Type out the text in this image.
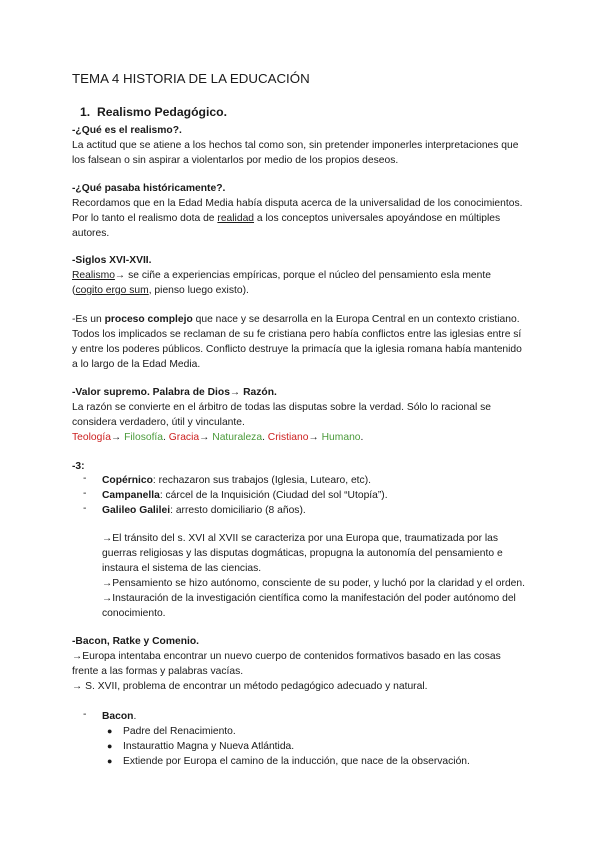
TEMA 4 HISTORIA DE LA EDUCACIÓN
1. Realismo Pedagógico.
-¿Qué es el realismo?.
La actitud que se atiene a los hechos tal como son, sin pretender imponerles interpretaciones que
los falsean o sin aspirar a violentarlos por medio de los propios deseos.
-¿Qué pasaba históricamente?.
Recordamos que en la Edad Media había disputa acerca de la universalidad de los conocimientos.
Por lo tanto el realismo dota de realidad a los conceptos universales apoyándose en múltiples
autores.
-Siglos XVI-XVII.
Realismo→ se ciñe a experiencias empíricas, porque el núcleo del pensamiento esla mente
(cogito ergo sum, pienso luego existo).
-Es un proceso complejo que nace y se desarrolla en la Europa Central en un contexto cristiano.
Todos los implicados se reclaman de su fe cristiana pero había conflictos entre las iglesias entre sí
y entre los poderes públicos. Conflicto destruye la primacía que la iglesia romana había mantenido
a lo largo de la Edad Media.
-Valor supremo. Palabra de Dios→ Razón.
La razón se convierte en el árbitro de todas las disputas sobre la verdad. Sólo lo racional se
considera verdadero, útil y vinculante.
Teología→ Filosofía. Gracia→ Naturaleza. Cristiano→ Humano.
-3:
- Copérnico: rechazaron sus trabajos (Iglesia, Lutearo, etc).
- Campanella: cárcel de la Inquisición (Ciudad del sol “Utopía”).
- Galileo Galilei: arresto domiciliario (8 años).
→El tránsito del s. XVI al XVII se caracteriza por una Europa que, traumatizada por las
guerras religiosas y las disputas dogmáticas, propugna la autonomía del pensamiento e
instaura el sistema de las ciencias.
→Pensamiento se hizo autónomo, consciente de su poder, y luchó por la claridad y el orden.
→Instauración de la investigación científica como la manifestación del poder autónomo del
conocimiento.
-Bacon, Ratke y Comenio.
→Europa intentaba encontrar un nuevo cuerpo de contenidos formativos basado en las cosas
frente a las formas y palabras vacías.
→ S. XVII, problema de encontrar un método pedagógico adecuado y natural.
- Bacon.
● Padre del Renacimiento.
● Instaurattio Magna y Nueva Atlántida.
● Extiende por Europa el camino de la inducción, que nace de la observación.
